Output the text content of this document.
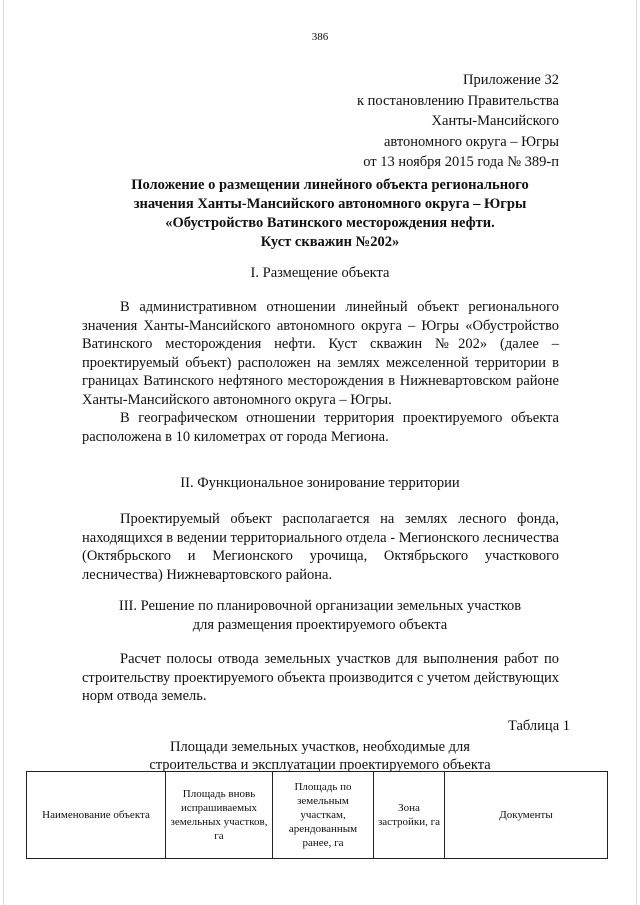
386
Приложение 32
к постановлению Правительства
Ханты-Мансийского
автономного округа – Югры
от 13 ноября 2015 года № 389-п
Положение о размещении линейного объекта регионального
значения Ханты-Мансийского автономного округа – Югры
«Обустройство Ватинского месторождения нефти.
Куст скважин №202»
I. Размещение объекта

В административном отношении линейный объект регионального значения Ханты-Мансийского автономного округа – Югры «Обустройство Ватинского месторождения нефти. Куст скважин №202» (далее – проектируемый объект) расположен на землях межселенной территории в границах Ватинского нефтяного месторождения в Нижневартовском районе Ханты-Мансийского автономного округа – Югры.

В географическом отношении территория проектируемого объекта расположена в 10 километрах от города Мегиона.

II. Функциональное зонирование территории

Проектируемый объект располагается на землях лесного фонда, находящихся в ведении территориального отдела - Мегионского лесничества (Октябрьского и Мегионского урочища, Октябрьского участкового лесничества) Нижневартовского района.

III. Решение по планировочной организации земельных участков
для размещения проектируемого объекта

Расчет полосы отвода земельных участков для выполнения работ по строительству проектируемого объекта производится с учетом действующих норм отвода земель.

Таблица 1
Площади земельных участков, необходимые для
строительства и эксплуатации проектируемого объекта
Наименование объекта	Площадь вновь испрашиваемых земельных участков, га	Площадь по земельным участкам, арендованным ранее, га	Зона застройки, га	Документы
